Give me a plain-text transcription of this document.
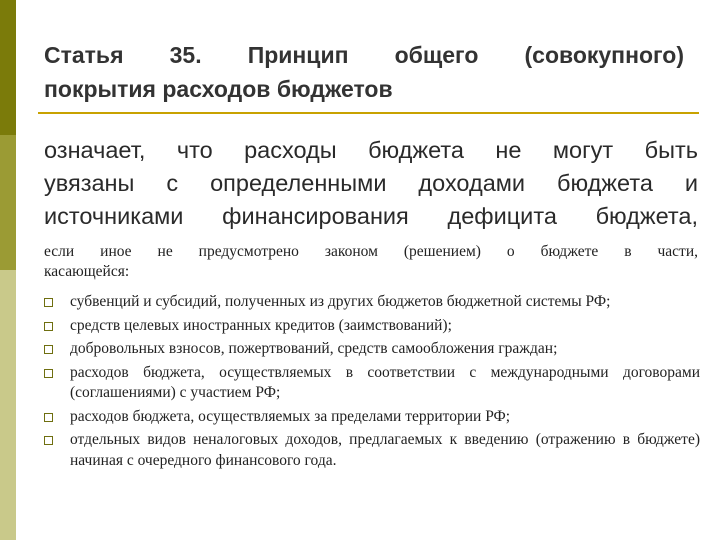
Статья 35. Принцип общего (совокупного)
покрытия расходов бюджетов
означает, что расходы бюджета не могут быть
увязаны с определенными доходами бюджета и
источниками финансирования дефицита бюджета,
если иное не предусмотрено законом (решением) о бюджете в части,
касающейся:
субвенций и субсидий, полученных из других бюджетов бюджетной системы РФ;
средств целевых иностранных кредитов (заимствований);
добровольных взносов, пожертвований, средств самообложения граждан;
расходов бюджета, осуществляемых в соответствии с международными договорами (соглашениями) с участием РФ;
расходов бюджета, осуществляемых за пределами территории РФ;
отдельных видов неналоговых доходов, предлагаемых к введению (отражению в бюджете) начиная с очередного финансового года.
